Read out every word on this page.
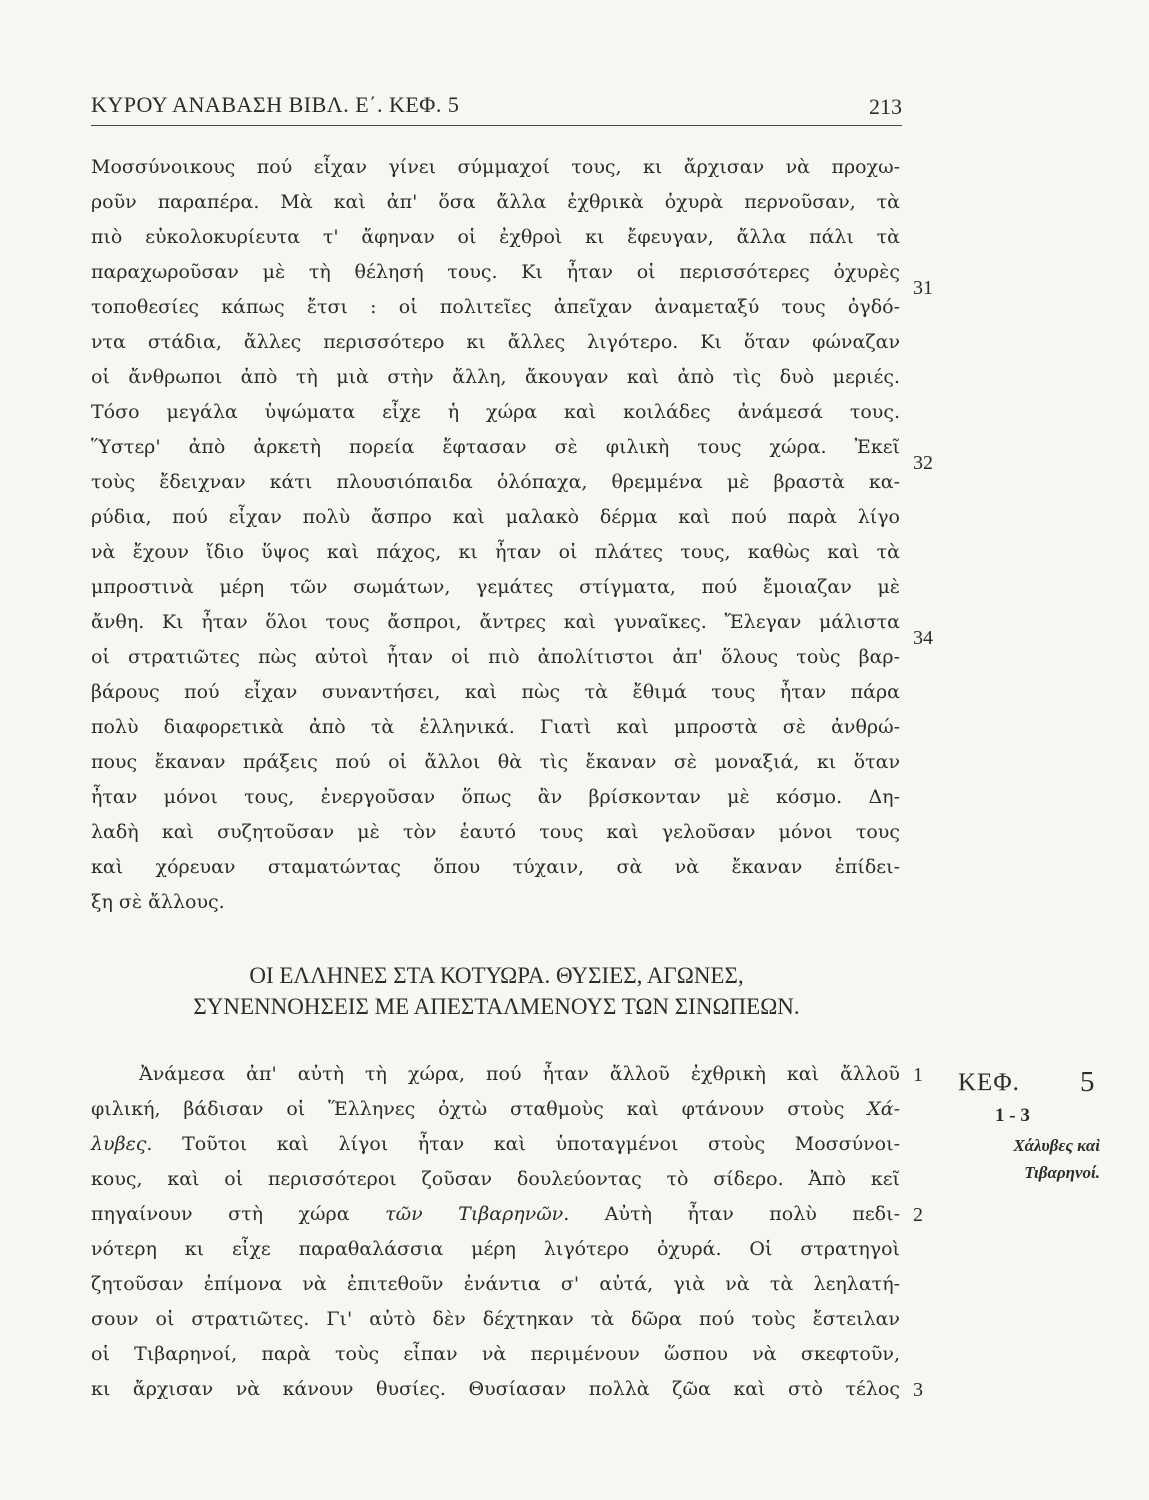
ΚΥΡΟΥ ΑΝΑΒΑΣΗ ΒΙΒΛ. Ε΄. ΚΕΦ. 5	213
Μοσσύνοικους πού εἶχαν γίνει σύμμαχοί τους, κι ἄρχισαν νὰ προχω-
ροῦν παραπέρα. Μὰ καὶ ἀπ' ὅσα ἄλλα ἐχθρικὰ ὀχυρὰ περνοῦσαν, τὰ
πιὸ εὐκολοκυρίευτα τ' ἄφηναν οἱ ἐχθροὶ κι ἔφευγαν, ἄλλα πάλι τὰ
παραχωροῦσαν μὲ τὴ θέλησή τους. Κι ἦταν οἱ περισσότερες ὀχυρὲς
τοποθεσίες κάπως ἔτσι : οἱ πολιτεῖες ἀπεῖχαν ἀναμεταξύ τους ὀγδό-
ντα στάδια, ἄλλες περισσότερο κι ἄλλες λιγότερο. Κι ὅταν φώναζαν
οἱ ἄνθρωποι ἀπὸ τὴ μιὰ στὴν ἄλλη, ἄκουγαν καὶ ἀπὸ τὶς δυὸ μεριές.
Τόσο μεγάλα ὑψώματα εἶχε ἡ χώρα καὶ κοιλάδες ἀνάμεσά τους.
Ὕστερ' ἀπὸ ἀρκετὴ πορεία ἔφτασαν σὲ φιλικὴ τους χώρα. Ἐκεῖ
τοὺς ἔδειχναν κάτι πλουσιόπαιδα ὁλόπαχα, θρεμμένα μὲ βραστὰ κα-
ρύδια, πού εἶχαν πολὺ ἄσπρο καὶ μαλακὸ δέρμα καὶ πού παρὰ λίγο
νὰ ἔχουν ἴδιο ὕψος καὶ πάχος, κι ἦταν οἱ πλάτες τους, καθὼς καὶ τὰ
μπροστινὰ μέρη τῶν σωμάτων, γεμάτες στίγματα, πού ἔμοιαζαν μὲ
ἄνθη. Κι ἦταν ὅλοι τους ἄσπροι, ἄντρες καὶ γυναῖκες. Ἔλεγαν μάλιστα
οἱ στρατιῶτες πὼς αὐτοὶ ἦταν οἱ πιὸ ἀπολίτιστοι ἀπ' ὅλους τοὺς βαρ-
βάρους πού εἶχαν συναντήσει, καὶ πὼς τὰ ἔθιμά τους ἦταν πάρα
πολὺ διαφορετικὰ ἀπὸ τὰ ἑλληνικά. Γιατὶ καὶ μπροστὰ σὲ ἀνθρώ-
πους ἔκαναν πράξεις πού οἱ ἄλλοι θὰ τὶς ἔκαναν σὲ μοναξιά, κι ὅταν
ἦταν μόνοι τους, ἐνεργοῦσαν ὅπως ἂν βρίσκονταν μὲ κόσμο. Δη-
λαδὴ καὶ συζητοῦσαν μὲ τὸν ἑαυτό τους καὶ γελοῦσαν μόνοι τους
καὶ χόρευαν σταματώντας ὅπου τύχαιν, σὰ νὰ ἔκαναν ἐπίδει-
ξη σὲ ἄλλους.
31
32
34
ΟΙ ΕΛΛΗΝΕΣ ΣΤΑ ΚΟΤΥΩΡΑ. ΘΥΣΙΕΣ, ΑΓΩΝΕΣ,
ΣΥΝΕΝΝΟΗΣΕΙΣ ΜΕ ΑΠΕΣΤΑΛΜΕΝΟΥΣ ΤΩΝ ΣΙΝΩΠΕΩΝ.
Ἀνάμεσα ἀπ' αὐτὴ τὴ χώρα, πού ἦταν ἄλλοῦ ἐχθρικὴ καὶ ἄλλοῦ
φιλική, βάδισαν οἱ Ἕλληνες ὀχτὼ σταθμοὺς καὶ φτάνουν στοὺς Χά-
λυβες. Τοῦτοι καὶ λίγοι ἦταν καὶ ὑποταγμένοι στοὺς Μοσσύνοι-
κους, καὶ οἱ περισσότεροι ζοῦσαν δουλεύοντας τὸ σίδερο. Ἀπὸ κεῖ
πηγαίνουν στὴ χώρα τῶν Τιβαρηνῶν. Αὐτὴ ἦταν πολὺ πεδι-
νότερη κι εἶχε παραθαλάσσια μέρη λιγότερο ὀχυρά. Οἱ στρατηγοὶ
ζητοῦσαν ἐπίμονα νὰ ἐπιτεθοῦν ἐνάντια σ' αὐτά, γιὰ νὰ τὰ λεηλατή-
σουν οἱ στρατιῶτες. Γι' αὐτὸ δὲν δέχτηκαν τὰ δῶρα πού τοὺς ἔστειλαν
οἱ Τιβαρηνοί, παρὰ τοὺς εἶπαν νὰ περιμένουν ὥσπου νὰ σκεφτοῦν,
κι ἄρχισαν νὰ κάνουν θυσίες. Θυσίασαν πολλὰ ζῶα καὶ στὸ τέλος
1
2
3
ΚΕΦ. 5
1 - 3
Χάλυβες καὶ
Τιβαρηνοί.
